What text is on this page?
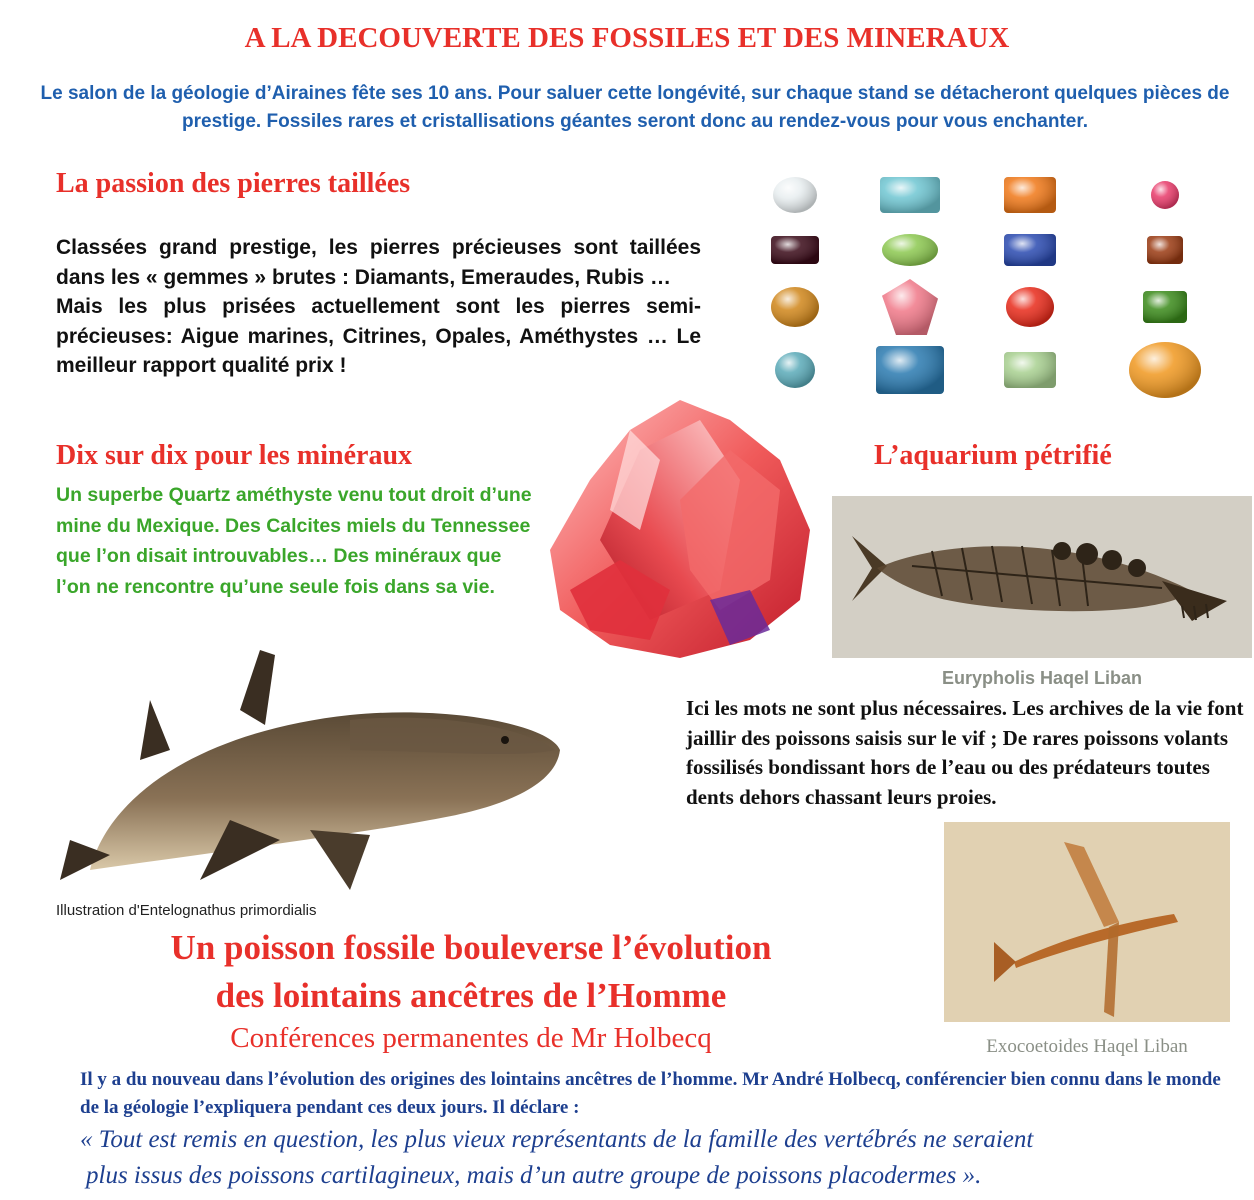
A LA DECOUVERTE DES FOSSILES ET DES MINERAUX
Le salon de la géologie d’Airaines fête ses 10 ans. Pour saluer cette longévité, sur chaque stand se détacheront quelques pièces de prestige. Fossiles rares et cristallisations géantes seront donc au rendez-vous pour vous enchanter.
La passion des pierres taillées

Classées grand prestige, les pierres précieuses sont taillées dans les « gemmes » brutes : Diamants, Emeraudes, Rubis …

Mais les plus prisées actuellement sont les pierres semi-précieuses: Aigue marines, Citrines, Opales, Améthystes … Le meilleur rapport qualité prix !

Dix sur dix pour les minéraux
Un superbe Quartz améthyste venu tout droit d’une mine du Mexique. Des Calcites miels du Tennessee que l’on disait introuvables… Des minéraux que l’on ne rencontre qu’une seule fois dans sa vie.
L’aquarium pétrifié
Eurypholis Haqel Liban
Ici les mots ne sont plus nécessaires. Les archives de la vie font jaillir des poissons saisis sur le vif ; De rares poissons volants fossilisés bondissant hors de l’eau ou des prédateurs toutes dents dehors chassant leurs proies.
Illustration d'Entelognathus primordialis
Exocoetoides Haqel Liban
Un poisson fossile bouleverse l’évolution
des lointains ancêtres de l’Homme
Conférences permanentes de Mr Holbecq
Il y a du nouveau dans l’évolution des origines des lointains ancêtres de l’homme. Mr André Holbecq, conférencier bien connu dans le monde de la géologie l’expliquera pendant ces deux jours. Il déclare :
« Tout est remis en question, les plus vieux représentants de la famille des vertébrés ne seraient
plus issus des poissons cartilagineux, mais d’un autre groupe de poissons placodermes ».
